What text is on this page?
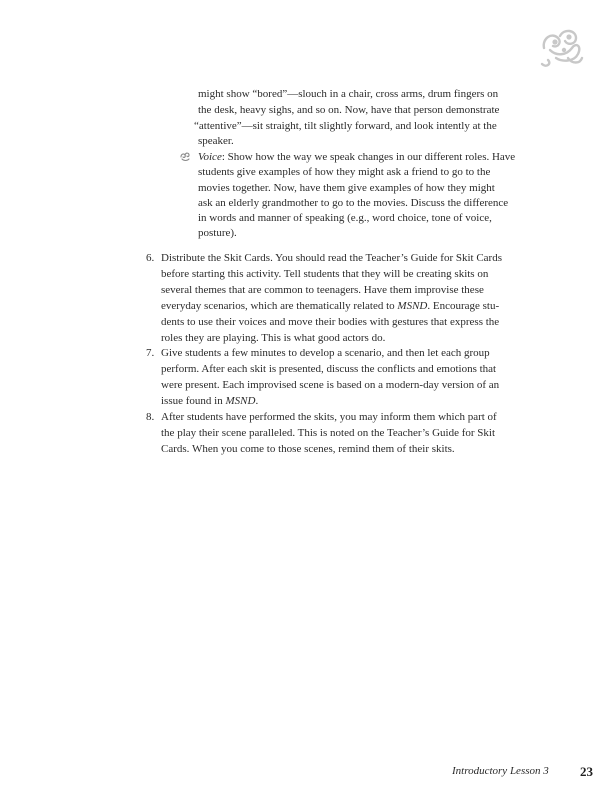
might show “bored”—slouch in a chair, cross arms, drum fingers on
the desk, heavy sighs, and so on. Now, have that person demonstrate
“attentive”—sit straight, tilt slightly forward, and look intently at the
speaker.
Voice: Show how the way we speak changes in our different roles. Have
students give examples of how they might ask a friend to go to the
movies together. Now, have them give examples of how they might
ask an elderly grandmother to go to the movies. Discuss the difference
in words and manner of speaking (e.g., word choice, tone of voice,
posture).
6. Distribute the Skit Cards. You should read the Teacher’s Guide for Skit Cards
before starting this activity. Tell students that they will be creating skits on
several themes that are common to teenagers. Have them improvise these
everyday scenarios, which are thematically related to MSND. Encourage stu-
dents to use their voices and move their bodies with gestures that express the
roles they are playing. This is what good actors do.
7. Give students a few minutes to develop a scenario, and then let each group
perform. After each skit is presented, discuss the conflicts and emotions that
were present. Each improvised scene is based on a modern-day version of an
issue found in MSND.
8. After students have performed the skits, you may inform them which part of
the play their scene paralleled. This is noted on the Teacher’s Guide for Skit
Cards. When you come to those scenes, remind them of their skits.
Introductory Lesson 3 23
